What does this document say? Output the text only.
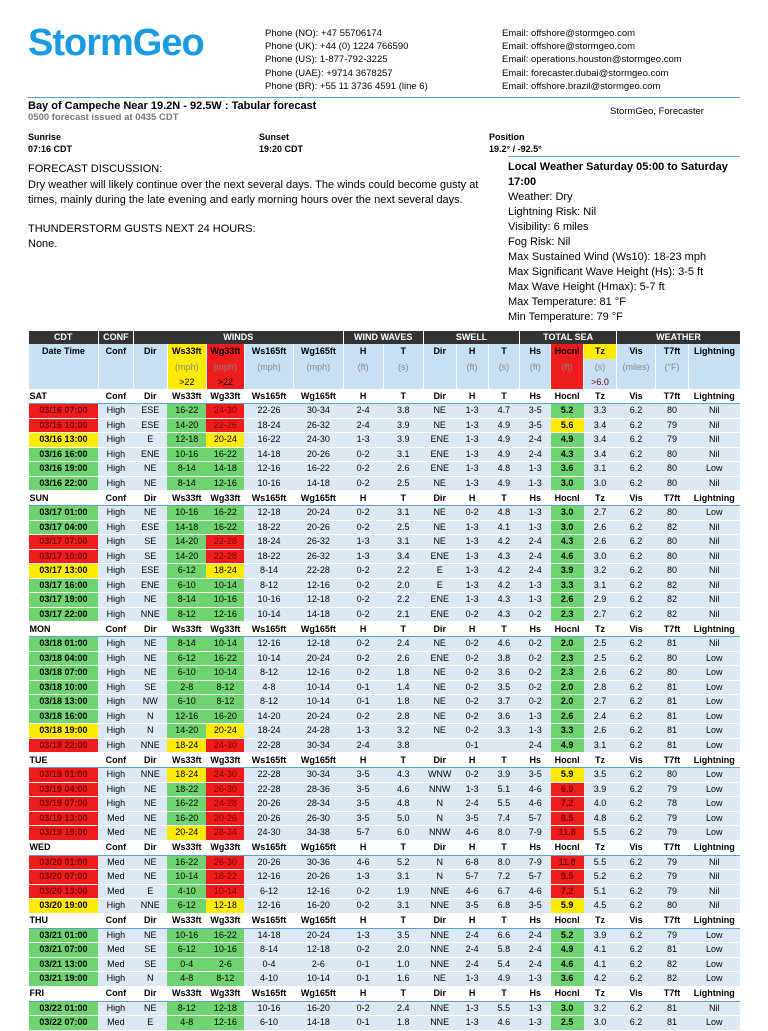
StormGeo	Phone (NO): +47 55706174
Phone (UK): +44 (0) 1224 766590
Phone (US): 1-877-792-3225
Phone (UAE): +9714 3678257
Phone (BR): +55 11 3736 4591 (line 6)
Email: offshore@stormgeo.com
Email: offshore@stormgeo.com
Email: operations.houston@stormgeo.com
Email: forecaster.dubai@stormgeo.com
Email: offshore.brazil@stormgeo.com
Bay of Campeche Near 19.2N - 92.5W : Tabular forecast
0500 forecast issued at 0435 CDT
StormGeo, Forecaster
Sunrise
07:16 CDT
Sunset
19:20 CDT
Position
19.2° / -92.5°

FORECAST DISCUSSION:

Dry weather will likely continue over the next several days. The winds could become gusty at times, mainly during the late evening and early morning hours over the next several days.

THUNDERSTORM GUSTS NEXT 24 HOURS:

None.

Local Weather Saturday 05:00 to Saturday 17:00
Weather: Dry
Lightning Risk: Nil
Visibility: 6 miles
Fog Risk: Nil
Max Sustained Wind (Ws10): 18-23 mph
Max Significant Wave Height (Hs): 3-5 ft
Max Wave Height (Hmax): 5-7 ft
Max Temperature: 81 °F
Min Temperature: 79 °F
CDT	CONF	WINDS					WIND WAVES		SWELL			TOTAL SEA			WEATHER		
Date Time	Conf	Dir	Ws33ft	Wg33ft	Ws165ft	Wg165ft	H	T	Dir	H	T	Hs	Hocnl	Tz	Vis	T7ft	Lightning
			(mph)	(mph)	(mph)	(mph)	(ft)	(s)		(ft)	(s)	(ft)	(ft)	(s)	(miles)	(°F)	
			>22	>22										>6.0			
SAT	Conf	Dir	Ws33ft	Wg33ft	Ws165ft	Wg165ft	H	T	Dir	H	T	Hs	Hocnl	Tz	Vis	T7ft	Lightning
03/16 07:00	High	ESE	16-22	24-30	22-26	30-34	2-4	3.8	NE	1-3	4.7	3-5	5.2	3.3	6.2	80	Nil
03/16 10:00	High	ESE	14-20	22-26	18-24	26-32	2-4	3.9	NE	1-3	4.9	3-5	5.6	3.4	6.2	79	Nil
03/16 13:00	High	E	12-18	20-24	16-22	24-30	1-3	3.9	ENE	1-3	4.9	2-4	4.9	3.4	6.2	79	Nil
03/16 16:00	High	ENE	10-16	16-22	14-18	20-26	0-2	3.1	ENE	1-3	4.9	2-4	4.3	3.4	6.2	80	Nil
03/16 19:00	High	NE	8-14	14-18	12-16	16-22	0-2	2.6	ENE	1-3	4.8	1-3	3.6	3.1	6.2	80	Low
03/16 22:00	High	NE	8-14	12-16	10-16	14-18	0-2	2.5	NE	1-3	4.9	1-3	3.0	3.0	6.2	80	Nil
SUN	Conf	Dir	Ws33ft	Wg33ft	Ws165ft	Wg165ft	H	T	Dir	H	T	Hs	Hocnl	Tz	Vis	T7ft	Lightning
03/17 01:00	High	NE	10-16	16-22	12-18	20-24	0-2	3.1	NE	0-2	4.8	1-3	3.0	2.7	6.2	80	Low
03/17 04:00	High	ESE	14-18	16-22	18-22	20-26	0-2	2.5	NE	1-3	4.1	1-3	3.0	2.6	6.2	82	Nil
03/17 07:00	High	SE	14-20	22-28	18-24	26-32	1-3	3.1	NE	1-3	4.2	2-4	4.3	2.6	6.2	80	Nil
03/17 10:00	High	SE	14-20	22-28	18-22	26-32	1-3	3.4	ENE	1-3	4.3	2-4	4.6	3.0	6.2	80	Nil
03/17 13:00	High	ESE	6-12	18-24	8-14	22-28	0-2	2.2	E	1-3	4.2	2-4	3.9	3.2	6.2	80	Nil
03/17 16:00	High	ENE	6-10	10-14	8-12	12-16	0-2	2.0	E	1-3	4.2	1-3	3.3	3.1	6.2	82	Nil
03/17 19:00	High	NE	8-14	10-16	10-16	12-18	0-2	2.2	ENE	1-3	4.3	1-3	2.6	2.9	6.2	82	Nil
03/17 22:00	High	NNE	8-12	12-16	10-14	14-18	0-2	2.1	ENE	0-2	4.3	0-2	2.3	2.7	6.2	82	Nil
MON	Conf	Dir	Ws33ft	Wg33ft	Ws165ft	Wg165ft	H	T	Dir	H	T	Hs	Hocnl	Tz	Vis	T7ft	Lightning
03/18 01:00	High	NE	8-14	10-14	12-16	12-18	0-2	2.4	NE	0-2	4.6	0-2	2.0	2.5	6.2	81	Nil
03/18 04:00	High	NE	6-12	16-22	10-14	20-24	0-2	2.6	ENE	0-2	3.8	0-2	2.3	2.5	6.2	80	Low
03/18 07:00	High	NE	6-10	10-14	8-12	12-16	0-2	1.8	NE	0-2	3.6	0-2	2.3	2.6	6.2	80	Low
03/18 10:00	High	SE	2-8	8-12	4-8	10-14	0-1	1.4	NE	0-2	3.5	0-2	2.0	2.8	6.2	81	Low
03/18 13:00	High	NW	6-10	8-12	8-12	10-14	0-1	1.8	NE	0-2	3.7	0-2	2.0	2.7	6.2	81	Low
03/18 16:00	High	N	12-16	16-20	14-20	20-24	0-2	2.8	NE	0-2	3.6	1-3	2.6	2.4	6.2	81	Low
03/18 19:00	High	N	14-20	20-24	18-24	24-28	1-3	3.2	NE	0-2	3.3	1-3	3.3	2.6	6.2	81	Low
03/18 22:00	High	NNE	18-24	24-30	22-28	30-34	2-4	3.8		0-1		2-4	4.9	3.1	6.2	81	Low
TUE	Conf	Dir	Ws33ft	Wg33ft	Ws165ft	Wg165ft	H	T	Dir	H	T	Hs	Hocnl	Tz	Vis	T7ft	Lightning
03/19 01:00	High	NNE	18-24	24-30	22-28	30-34	3-5	4.3	WNW	0-2	3.9	3-5	5.9	3.5	6.2	80	Low
03/19 04:00	High	NE	18-22	26-30	22-28	28-36	3-5	4.6	NNW	1-3	5.1	4-6	6.9	3.9	6.2	79	Low
03/19 07:00	High	NE	16-22	24-28	20-26	28-34	3-5	4.8	N	2-4	5.5	4-6	7.2	4.0	6.2	78	Low
03/19 13:00	Med	NE	16-20	20-26	20-26	26-30	3-5	5.0	N	3-5	7.4	5-7	8.5	4.8	6.2	79	Low
03/19 19:00	Med	NE	20-24	28-34	24-30	34-38	5-7	6.0	NNW	4-6	8.0	7-9	11.8	5.5	6.2	79	Low
WED	Conf	Dir	Ws33ft	Wg33ft	Ws165ft	Wg165ft	H	T	Dir	H	T	Hs	Hocnl	Tz	Vis	T7ft	Lightning
03/20 01:00	Med	NE	16-22	26-30	20-26	30-36	4-6	5.2	N	6-8	8.0	7-9	11.8	5.5	6.2	79	Nil
03/20 07:00	Med	NE	10-14	18-22	12-16	20-26	1-3	3.1	N	5-7	7.2	5-7	9.5	5.2	6.2	79	Nil
03/20 13:00	Med	E	4-10	10-14	6-12	12-16	0-2	1.9	NNE	4-6	6.7	4-6	7.2	5.1	6.2	79	Nil
03/20 19:00	High	NNE	6-12	12-18	12-16	16-20	0-2	3.1	NNE	3-5	6.8	3-5	5.9	4.5	6.2	80	Nil
THU	Conf	Dir	Ws33ft	Wg33ft	Ws165ft	Wg165ft	H	T	Dir	H	T	Hs	Hocnl	Tz	Vis	T7ft	Lightning
03/21 01:00	High	NE	10-16	16-22	14-18	20-24	1-3	3.5	NNE	2-4	6.6	2-4	5.2	3.9	6.2	79	Low
03/21 07:00	Med	SE	6-12	10-16	8-14	12-18	0-2	2.0	NNE	2-4	5.8	2-4	4.9	4.1	6.2	81	Low
03/21 13:00	Med	SE	0-4	2-6	0-4	2-6	0-1	1.0	NNE	2-4	5.4	2-4	4.6	4.1	6.2	82	Low
03/21 19:00	High	N	4-8	8-12	4-10	10-14	0-1	1.6	NE	1-3	4.9	1-3	3.6	4.2	6.2	82	Low
FRI	Conf	Dir	Ws33ft	Wg33ft	Ws165ft	Wg165ft	H	T	Dir	H	T	Hs	Hocnl	Tz	Vis	T7ft	Lightning
03/22 01:00	High	NE	8-12	12-18	10-16	16-20	0-2	2.4	NNE	1-3	5.5	1-3	3.0	3.2	6.2	81	Nil
03/22 07:00	Med	E	4-8	12-16	6-10	14-18	0-1	1.8	NNE	1-3	4.6	1-3	2.5	3.0	6.2	81	Low
